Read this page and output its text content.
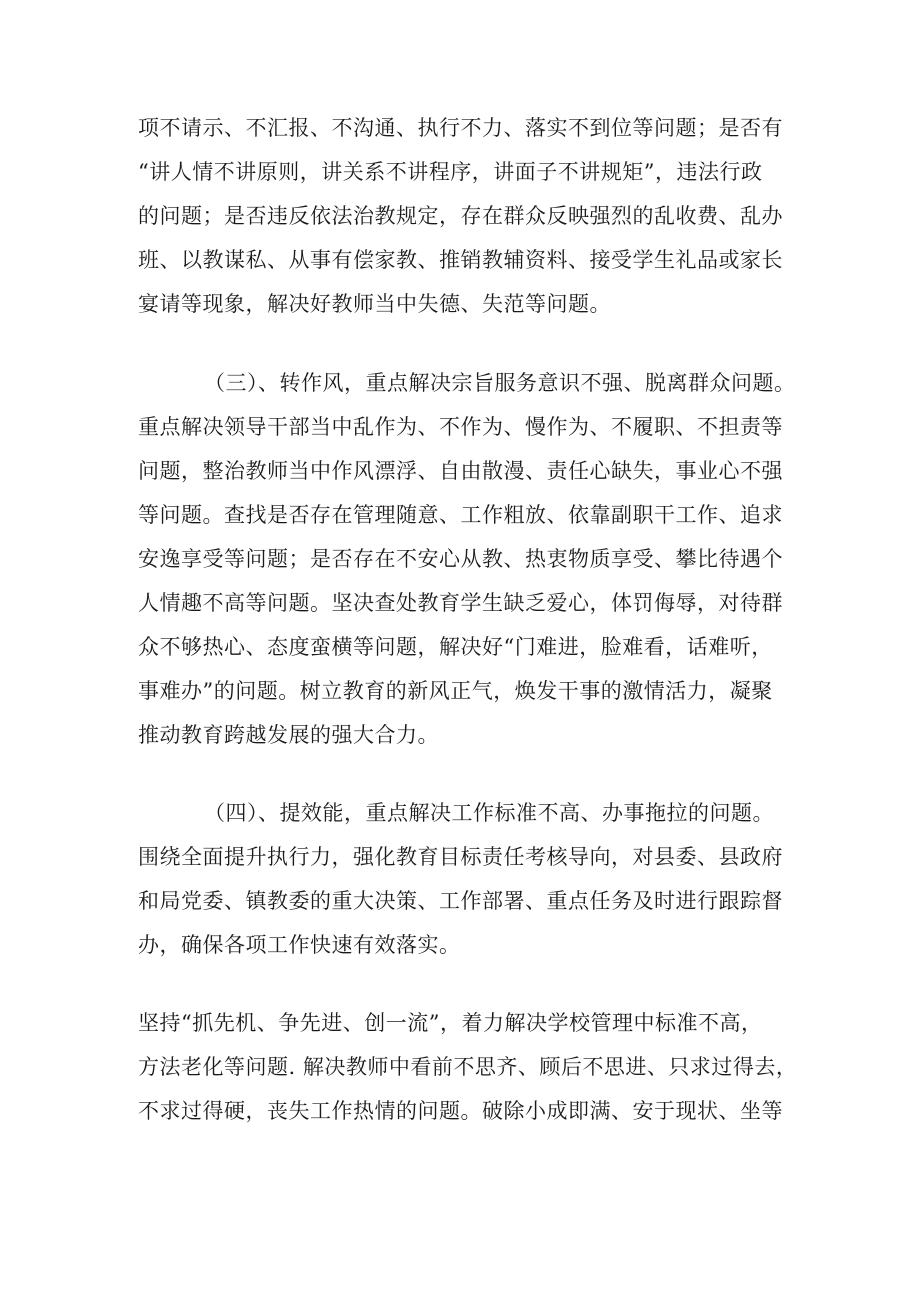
项不请示、不汇报、不沟通、执行不力、落实不到位等问题；是否有
“讲人情不讲原则，讲关系不讲程序，讲面子不讲规矩”，违法行政
的问题；是否违反依法治教规定，存在群众反映强烈的乱收费、乱办
班、以教谋私、从事有偿家教、推销教辅资料、接受学生礼品或家长
宴请等现象，解决好教师当中失德、失范等问题。
（三）、转作风，重点解决宗旨服务意识不强、脱离群众问题。
重点解决领导干部当中乱作为、不作为、慢作为、不履职、不担责等
问题，整治教师当中作风漂浮、自由散漫、责任心缺失，事业心不强
等问题。查找是否存在管理随意、工作粗放、依靠副职干工作、追求
安逸享受等问题；是否存在不安心从教、热衷物质享受、攀比待遇个
人情趣不高等问题。坚决查处教育学生缺乏爱心，体罚侮辱，对待群
众不够热心、态度蛮横等问题，解决好“门难进，脸难看，话难听，
事难办”的问题。树立教育的新风正气，焕发干事的激情活力，凝聚
推动教育跨越发展的强大合力。
（四）、提效能，重点解决工作标准不高、办事拖拉的问题。
围绕全面提升执行力，强化教育目标责任考核导向，对县委、县政府
和局党委、镇教委的重大决策、工作部署、重点任务及时进行跟踪督
办，确保各项工作快速有效落实。
坚持“抓先机、争先进、创一流”，着力解决学校管理中标准不高，
方法老化等问题. 解决教师中看前不思齐、顾后不思进、只求过得去，
不求过得硬，丧失工作热情的问题。破除小成即满、安于现状、坐等
